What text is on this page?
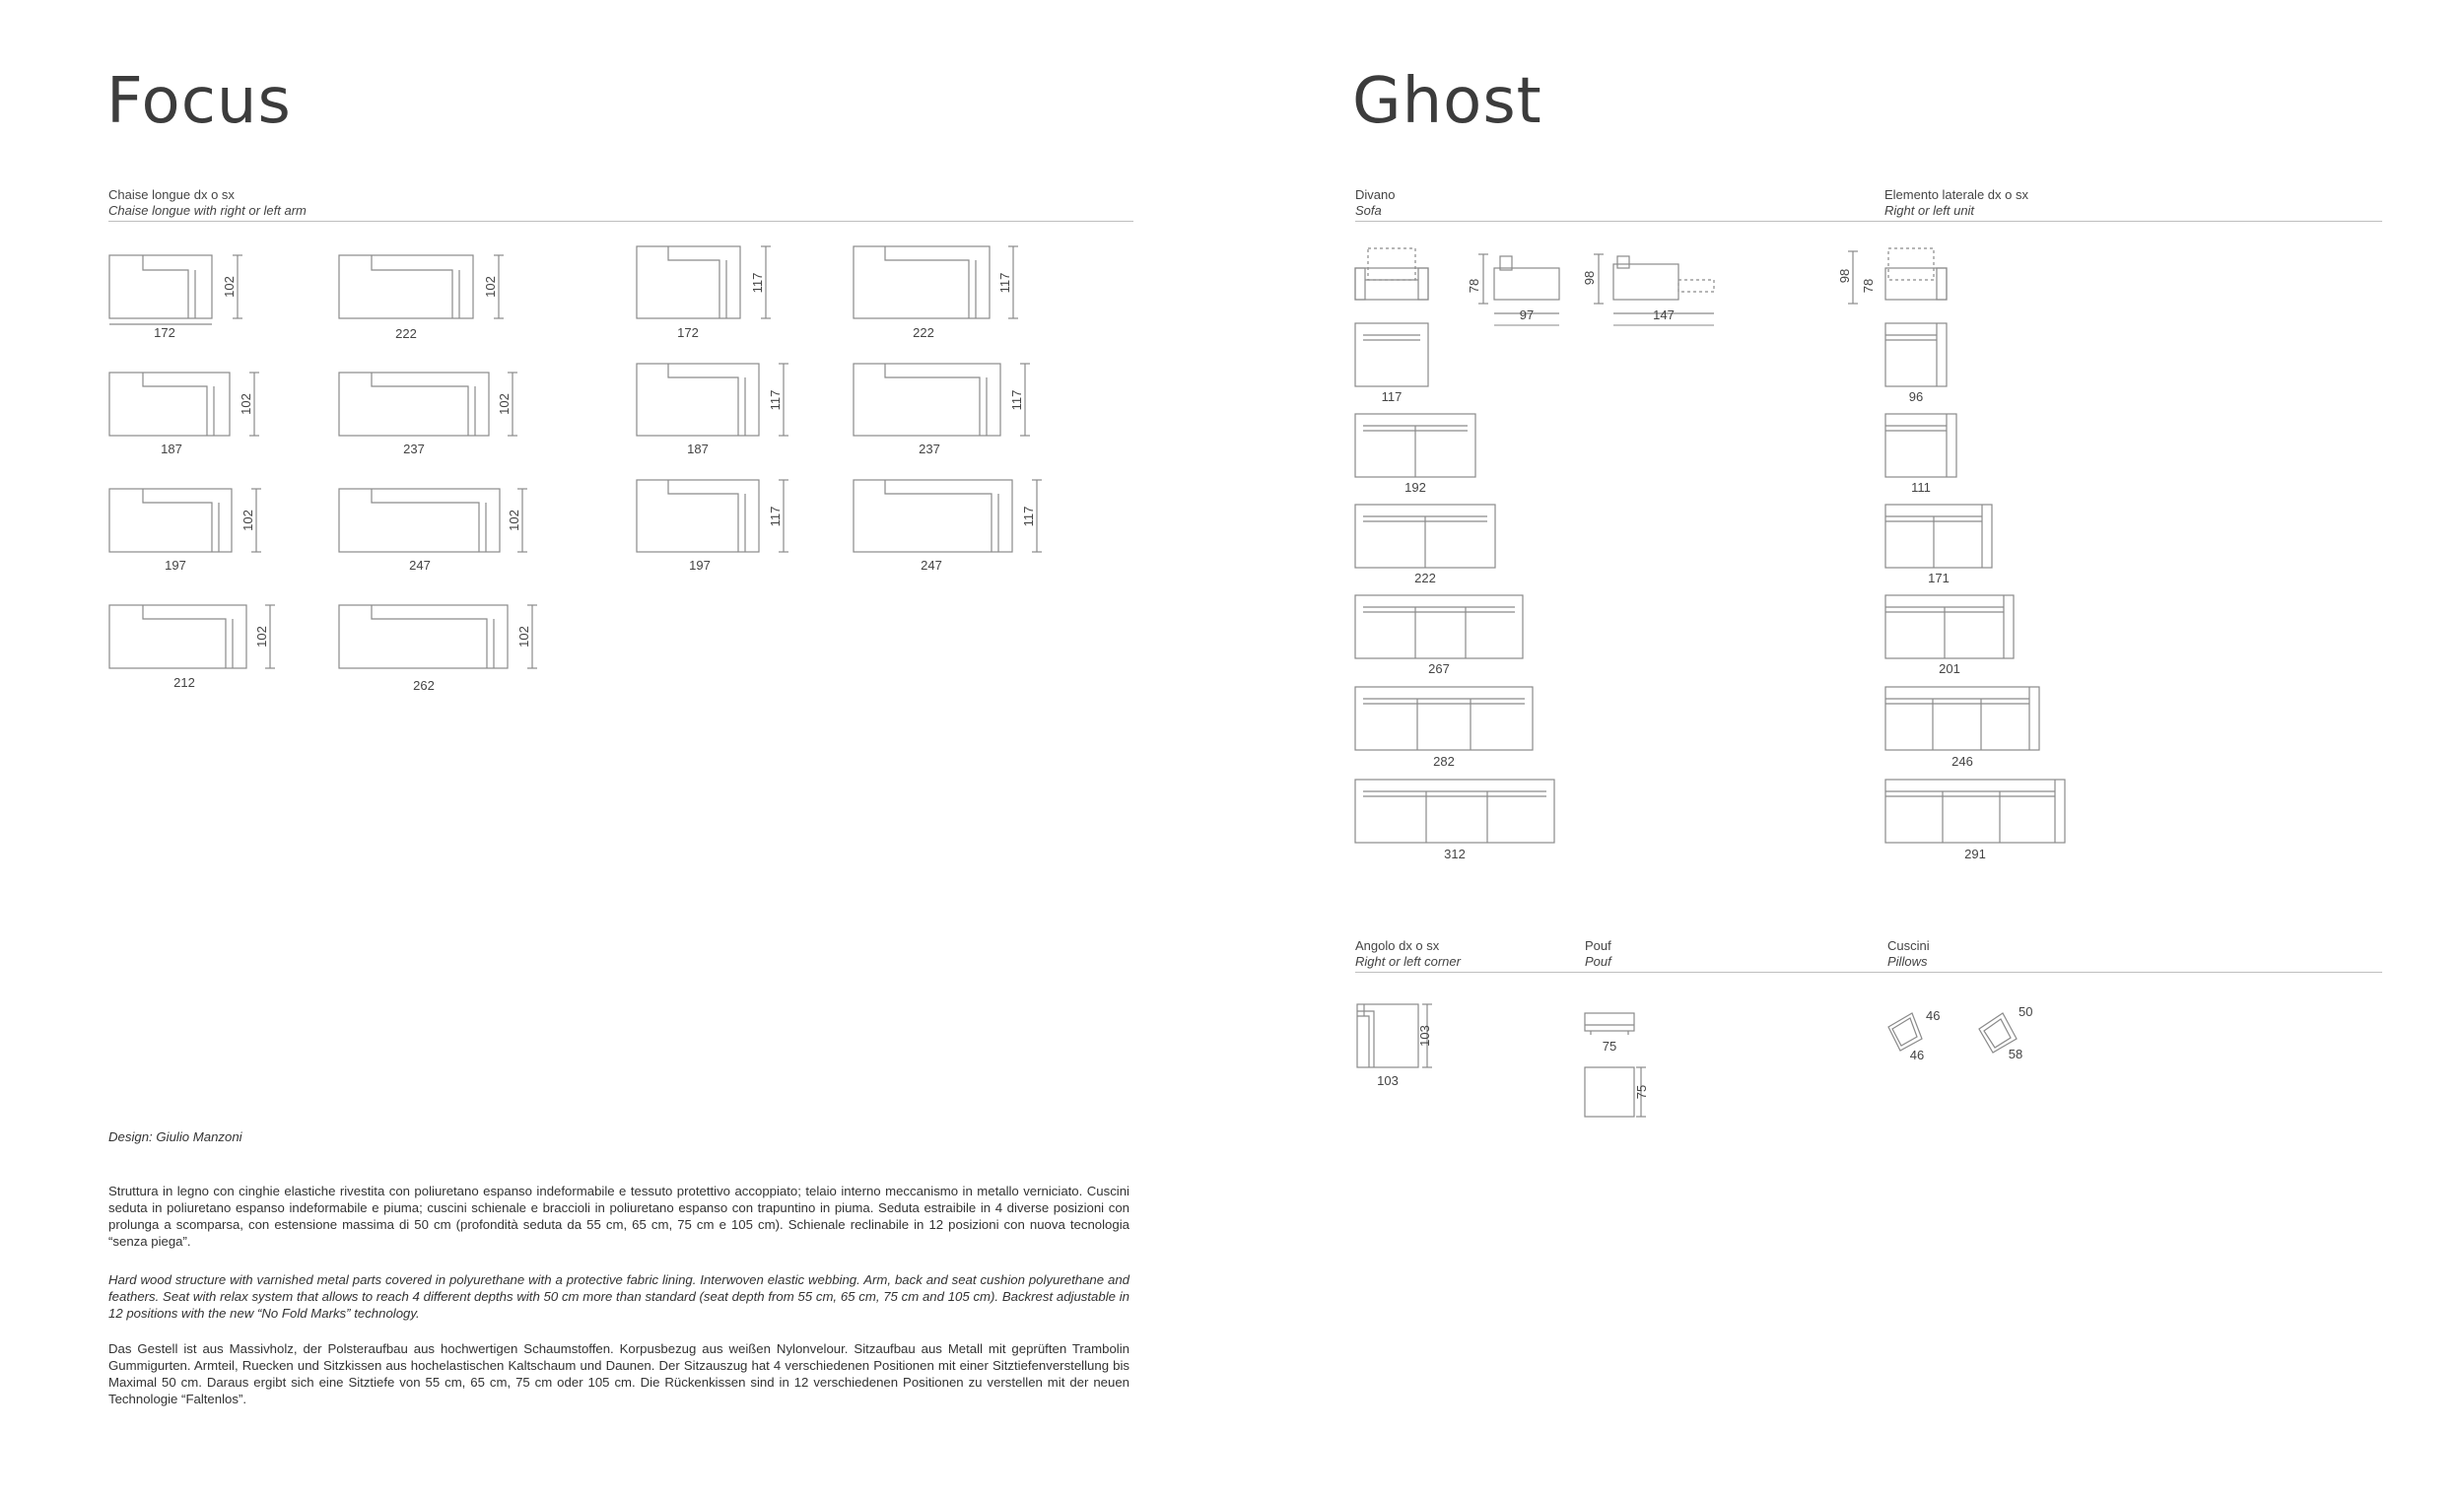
Focus
Chaise longue dx o sx
Chaise longue with right or left arm
172
187
197
212
222
237
247
262
172
187
197
222
237
247
102
102
102
102
102
102
102
102
117
117
117
117
117
117
78
98
97	147
117
192
222
267
282
312
98
78
96
111
171
201
246
291
103
103	75
75
46
46
50
58
Ghost
Divano
Sofa
Elemento laterale dx o sx
Right or left unit
Angolo dx o sx
Right or left corner
Pouf
Pouf
Cuscini
Pillows
Design: Giulio Manzoni

Struttura in legno con cinghie elastiche rivestita con poliuretano espanso indeformabile e tessuto protettivo accoppiato; telaio interno meccanismo in metallo verniciato. Cuscini seduta in poliuretano espanso indeformabile e piuma; cuscini schienale e braccioli in poliuretano espanso con trapuntino in piuma. Seduta estraibile in 4 diverse posizioni con prolunga a scomparsa, con estensione massima di 50 cm (profondità seduta da 55 cm, 65 cm, 75 cm e 105 cm). Schienale reclinabile in 12 posizioni con nuova tecnologia “senza piega”.

Hard wood structure with varnished metal parts covered in polyurethane with a protective fabric lining. Interwoven elastic webbing. Arm, back and seat cushion polyurethane and feathers. Seat with relax system that allows to reach 4 different depths with 50 cm more than standard (seat depth from 55 cm, 65 cm, 75 cm and 105 cm). Backrest adjustable in 12 positions with the new “No Fold Marks” technology.

Das Gestell ist aus Massivholz, der Polsteraufbau aus hochwertigen Schaumstoffen. Korpusbezug aus weißen Nylonvelour. Sitzaufbau aus Metall mit geprüften Trambolin Gummigurten. Armteil, Ruecken und Sitzkissen aus hochelastischen Kaltschaum und Daunen. Der Sitzauszug hat 4 verschiedenen Positionen mit einer Sitztiefenverstellung bis Maximal 50 cm. Daraus ergibt sich eine Sitztiefe von 55 cm, 65 cm, 75 cm oder 105 cm. Die Rückenkissen sind in 12 verschiedenen Positionen zu verstellen mit der neuen Technologie “Faltenlos”.
